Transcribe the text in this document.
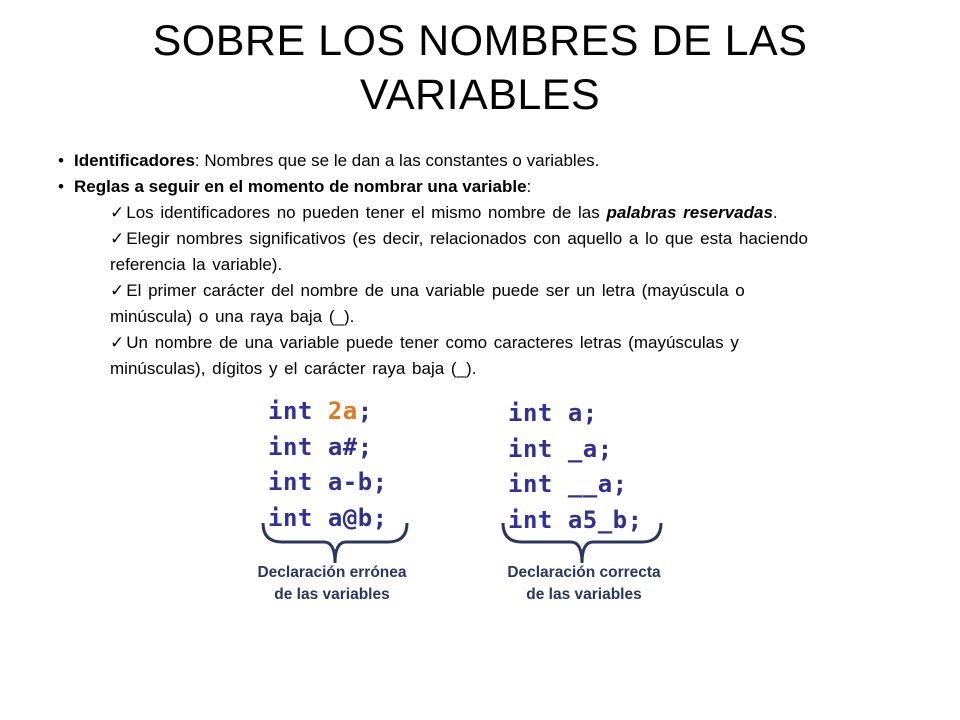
SOBRE LOS NOMBRES DE LAS
VARIABLES
• Identificadores: Nombres que se le dan a las constantes o variables.
• Reglas a seguir en el momento de nombrar una variable:
✓ Los identificadores no pueden tener el mismo nombre de las palabras reservadas.
✓ Elegir nombres significativos (es decir, relacionados con aquello a lo que esta haciendo
referencia la variable).
✓ El primer carácter del nombre de una variable puede ser un letra (mayúscula o
minúscula) o una raya baja (_).
✓ Un nombre de una variable puede tener como caracteres letras (mayúsculas y
minúsculas), dígitos y el carácter raya baja (_).
int 2a;
int a#;
int a-b;
int a@b;
int a;
int _a;
int __a;
int a5_b;
Declaración errónea
de las variables
Declaración correcta
de las variables
